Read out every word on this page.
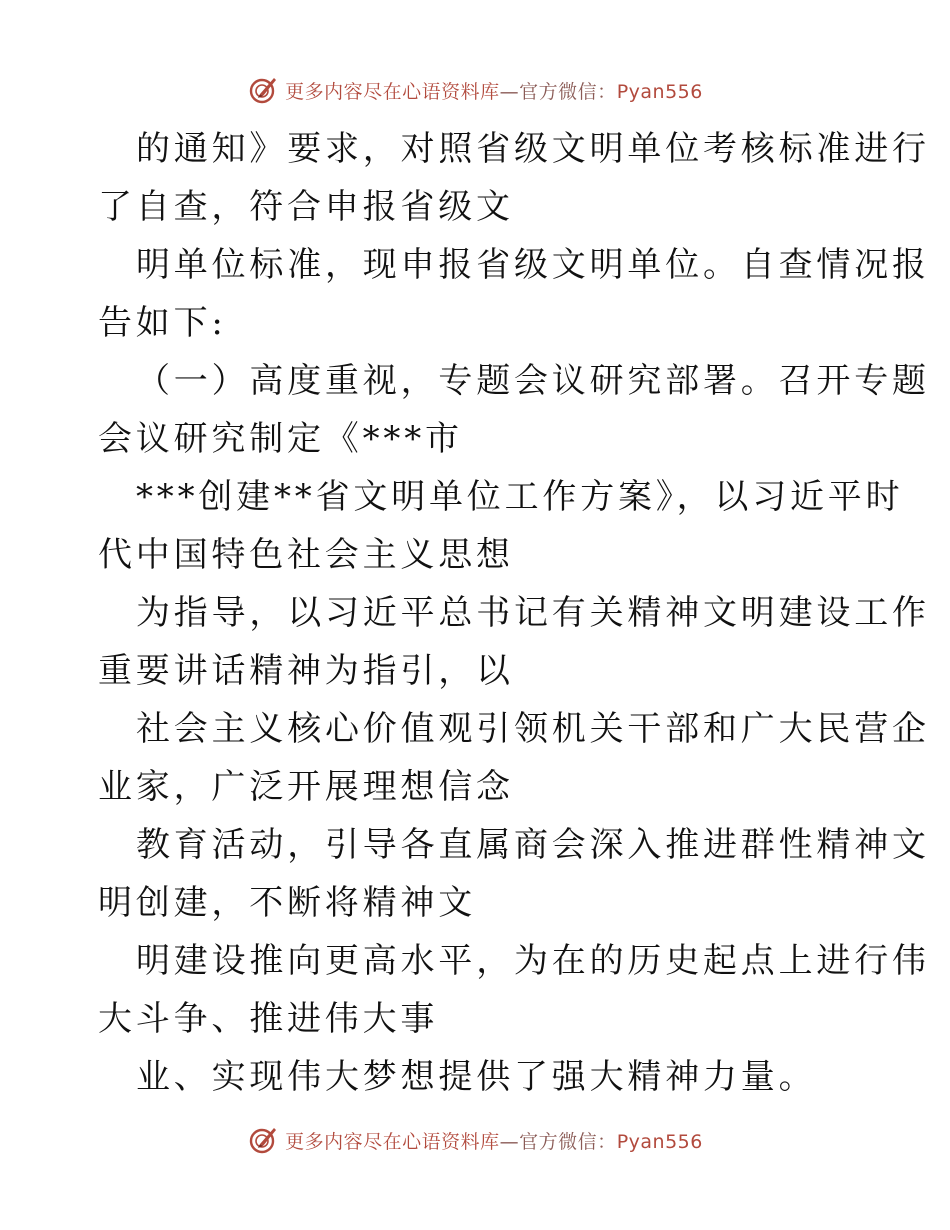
更多内容尽在心语资料库—官方微信：Pyan556
的通知》要求，对照省级文明单位考核标准进行
了自查，符合申报省级文
明单位标准，现申报省级文明单位。自查情况报
告如下:
（一）高度重视，专题会议研究部署。召开专题
会议研究制定《***市
***创建**省文明单位工作方案》，以习近平时
代中国特色社会主义思想
为指导，以习近平总书记有关精神文明建设工作
重要讲话精神为指引，以
社会主义核心价值观引领机关干部和广大民营企
业家，广泛开展理想信念
教育活动，引导各直属商会深入推进群性精神文
明创建，不断将精神文
明建设推向更高水平，为在的历史起点上进行伟
大斗争、推进伟大事
业、实现伟大梦想提供了强大精神力量。
更多内容尽在心语资料库—官方微信：Pyan556
